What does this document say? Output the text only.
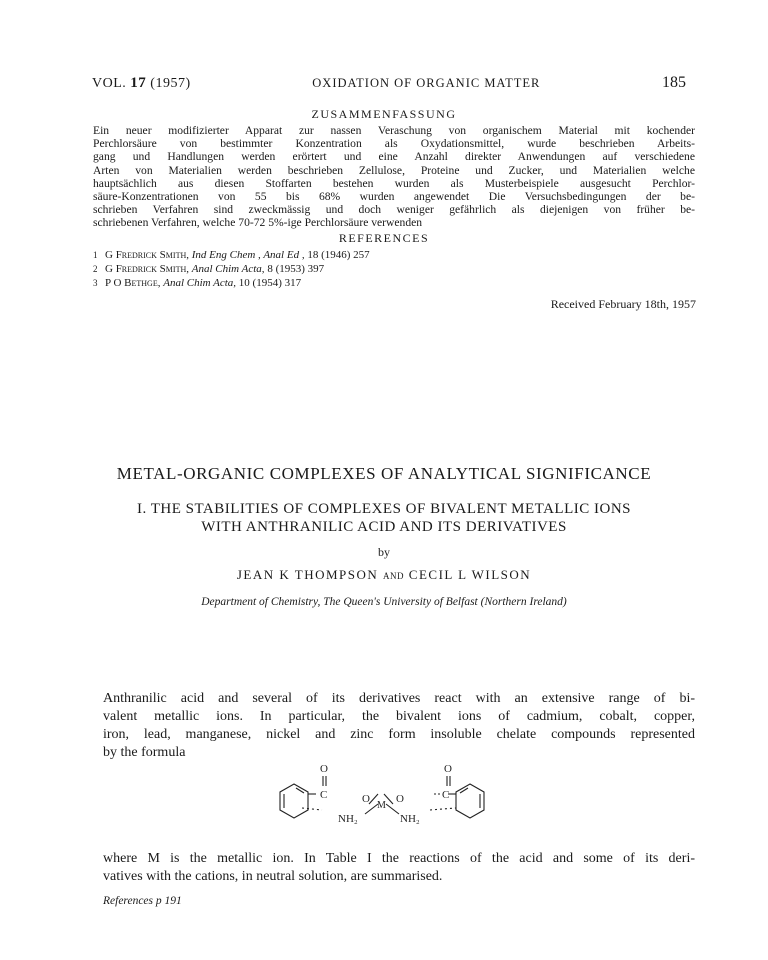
VOL. 17 (1957)	OXIDATION OF ORGANIC MATTER	185
ZUSAMMENFASSUNG
Ein neuer modifizierter Apparat zur nassen Veraschung von organischem Material mit kochender
Perchlorsäure von bestimmter Konzentration als Oxydationsmittel, wurde beschrieben Arbeits-
gang und Handlungen werden erörtert und eine Anzahl direkter Anwendungen auf verschiedene
Arten von Materialien werden beschrieben Zellulose, Proteine und Zucker, und Materialien welche
hauptsächlich aus diesen Stoffarten bestehen wurden als Musterbeispiele ausgesucht Perchlor-
säure-Konzentrationen von 55 bis 68% wurden angewendet Die Versuchsbedingungen der be-
schrieben Verfahren sind zweckmässig und doch weniger gefährlich als diejenigen von früher be-
schriebenen Verfahren, welche 70-72 5%-ige Perchlorsäure verwenden
REFERENCES
1 G Fredrick Smith, Ind Eng Chem , Anal Ed , 18 (1946) 257
2 G Fredrick Smith, Anal Chim Acta, 8 (1953) 397
3 P O Bethge, Anal Chim Acta, 10 (1954) 317
Received February 18th, 1957
METAL-ORGANIC COMPLEXES OF ANALYTICAL SIGNIFICANCE
I. THE STABILITIES OF COMPLEXES OF BIVALENT METALLIC IONS
WITH ANTHRANILIC ACID AND ITS DERIVATIVES
by
JEAN K THOMPSON AND CECIL L WILSON
Department of Chemistry, The Queen's University of Belfast (Northern Ireland)
Anthranilic acid and several of its derivatives react with an extensive range of bi-
valent metallic ions. In particular, the bivalent ions of cadmium, cobalt, copper,
iron, lead, manganese, nickel and zinc form insoluble chelate compounds represented
by the formula
O	O
C	C
O O
M
NH₂	NH₂
where M is the metallic ion. In Table I the reactions of the acid and some of its deri-
vatives with the cations, in neutral solution, are summarised.
References p 191
